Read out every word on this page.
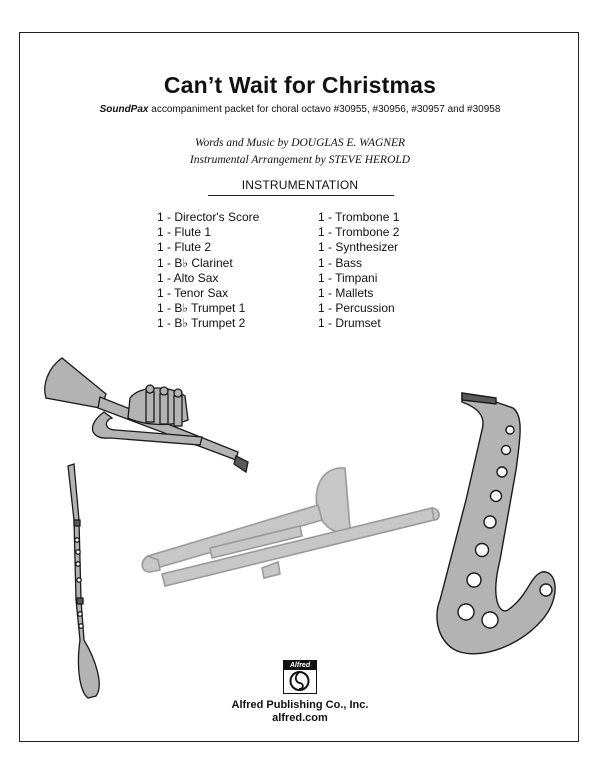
Can’t Wait for Christmas
SoundPax accompaniment packet for choral octavo #30955, #30956, #30957 and #30958
Words and Music by DOUGLAS E. WAGNER
Instrumental Arrangement by STEVE HEROLD
INSTRUMENTATION
1 - Director's Score
1 - Flute 1
1 - Flute 2
1 - B♭ Clarinet
1 - Alto Sax
1 - Tenor Sax
1 - B♭ Trumpet 1
1 - B♭ Trumpet 2
1 - Trombone 1
1 - Trombone 2
1 - Synthesizer
1 - Bass
1 - Timpani
1 - Mallets
1 - Percussion
1 - Drumset
Alfred
Alfred Publishing Co., Inc.
alfred.com
